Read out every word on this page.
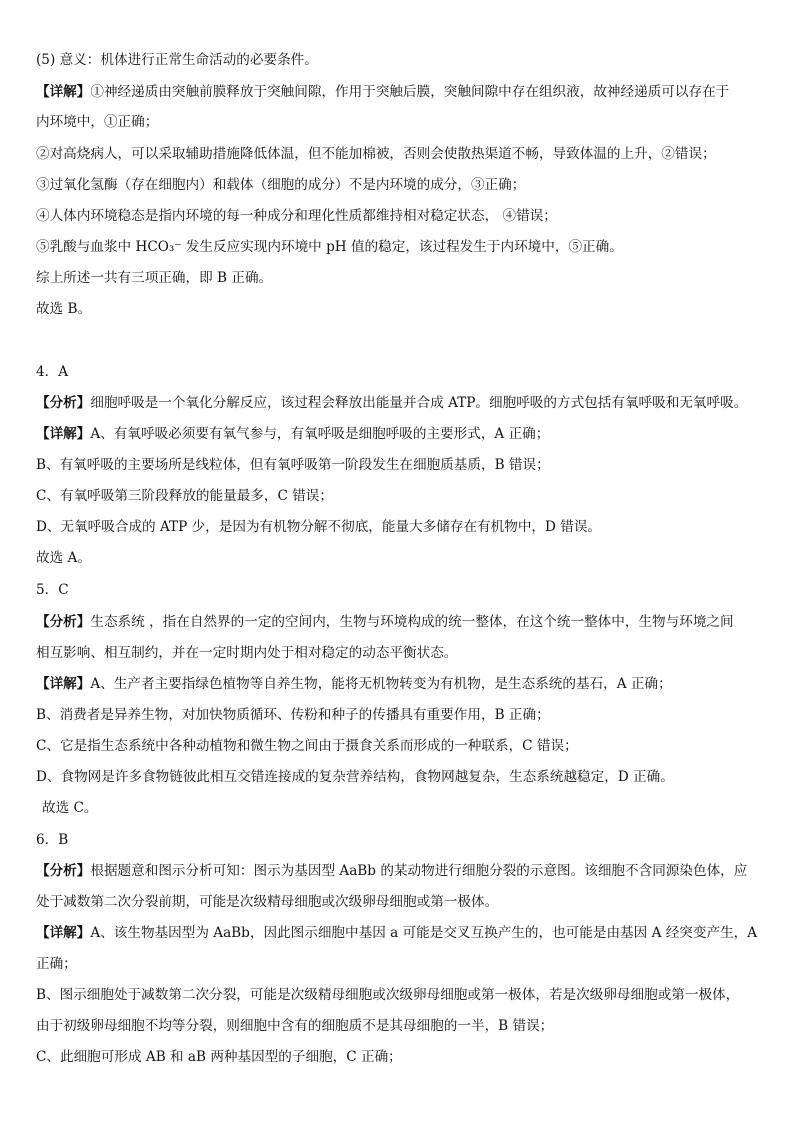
(5) 意义：机体进行正常生命活动的必要条件。
【详解】①神经递质由突触前膜释放于突触间隙，作用于突触后膜，突触间隙中存在组织液，故神经递质可以存在于
内环境中，①正确；
②对高烧病人，可以采取辅助措施降低体温，但不能加棉被，否则会使散热渠道不畅，导致体温的上升，②错误；
③过氧化氢酶（存在细胞内）和载体（细胞的成分）不是内环境的成分，③正确；
④人体内环境稳态是指内环境的每一种成分和理化性质都维持相对稳定状态， ④错误；
⑤乳酸与血浆中 HCO₃⁻ 发生反应实现内环境中 pH 值的稳定，该过程发生于内环境中，⑤正确。
综上所述一共有三项正确，即 B 正确。
故选 B。
4．A
【分析】细胞呼吸是一个氧化分解反应，该过程会释放出能量并合成 ATP。细胞呼吸的方式包括有氧呼吸和无氧呼吸。
【详解】A、有氧呼吸必须要有氧气参与，有氧呼吸是细胞呼吸的主要形式，A 正确；
B、有氧呼吸的主要场所是线粒体，但有氧呼吸第一阶段发生在细胞质基质，B 错误；
C、有氧呼吸第三阶段释放的能量最多，C 错误；
D、无氧呼吸合成的 ATP 少，是因为有机物分解不彻底，能量大多储存在有机物中，D 错误。
故选 A。
5．C
【分析】生态系统 ，指在自然界的一定的空间内，生物与环境构成的统一整体，在这个统一整体中，生物与环境之间
相互影响、相互制约，并在一定时期内处于相对稳定的动态平衡状态。
【详解】A、生产者主要指绿色植物等自养生物，能将无机物转变为有机物，是生态系统的基石，A 正确；
B、消费者是异养生物，对加快物质循环、传粉和种子的传播具有重要作用，B 正确；
C、它是指生态系统中各种动植物和微生物之间由于摄食关系而形成的一种联系，C 错误；
D、食物网是许多食物链彼此相互交错连接成的复杂营养结构，食物网越复杂，生态系统越稳定，D 正确。
故选 C。
6．B
【分析】根据题意和图示分析可知：图示为基因型 AaBb 的某动物进行细胞分裂的示意图。该细胞不含同源染色体，应
处于减数第二次分裂前期，可能是次级精母细胞或次级卵母细胞或第一极体。
【详解】A、该生物基因型为 AaBb，因此图示细胞中基因 a 可能是交叉互换产生的，也可能是由基因 A 经突变产生，A
正确；
B、图示细胞处于减数第二次分裂，可能是次级精母细胞或次级卵母细胞或第一极体，若是次级卵母细胞或第一极体，
由于初级卵母细胞不均等分裂，则细胞中含有的细胞质不是其母细胞的一半，B 错误；
C、此细胞可形成 AB 和 aB 两种基因型的子细胞，C 正确；
